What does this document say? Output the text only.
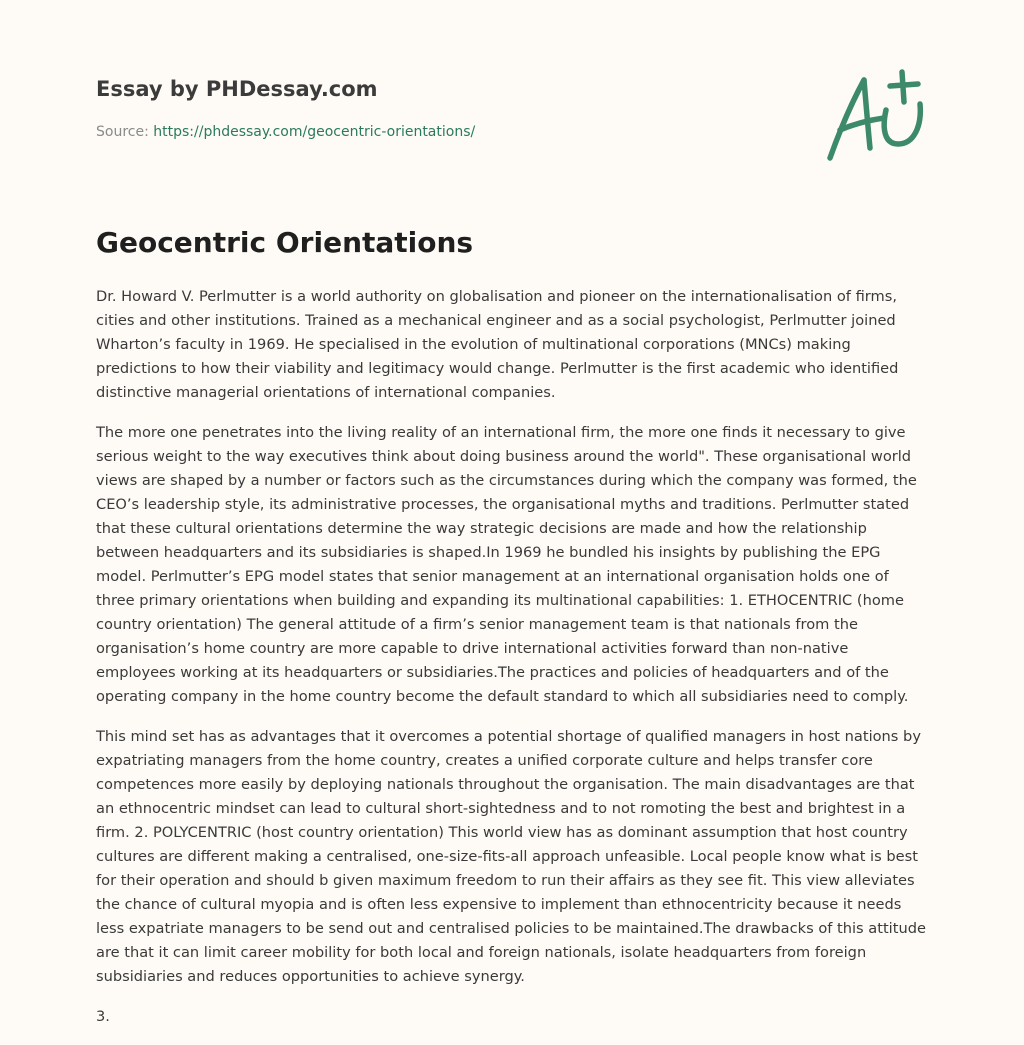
Essay by PHDessay.com
Source: https://phdessay.com/geocentric-orientations/
Geocentric Orientations

Dr. Howard V. Perlmutter is a world authority on globalisation and pioneer on the internationalisation of firms, cities and other institutions. Trained as a mechanical engineer and as a social psychologist, Perlmutter joined Wharton’s faculty in 1969. He specialised in the evolution of multinational corporations (MNCs) making predictions to how their viability and legitimacy would change. Perlmutter is the first academic who identified distinctive managerial orientations of international companies.

The more one penetrates into the living reality of an international firm, the more one finds it necessary to give serious weight to the way executives think about doing business around the world". These organisational world views are shaped by a number or factors such as the circumstances during which the company was formed, the CEO’s leadership style, its administrative processes, the organisational myths and traditions. Perlmutter stated that these cultural orientations determine the way strategic decisions are made and how the relationship between headquarters and its subsidiaries is shaped.In 1969 he bundled his insights by publishing the EPG model. Perlmutter’s EPG model states that senior management at an international organisation holds one of three primary orientations when building and expanding its multinational capabilities: 1. ETHOCENTRIC (home country orientation) The general attitude of a firm’s senior management team is that nationals from the organisation’s home country are more capable to drive international activities forward than non-native employees working at its headquarters or subsidiaries.The practices and policies of headquarters and of the operating company in the home country become the default standard to which all subsidiaries need to comply.

This mind set has as advantages that it overcomes a potential shortage of qualified managers in host nations by expatriating managers from the home country, creates a unified corporate culture and helps transfer core competences more easily by deploying nationals throughout the organisation. The main disadvantages are that an ethnocentric mindset can lead to cultural short-sightedness and to not romoting the best and brightest in a firm. 2. POLYCENTRIC (host country orientation) This world view has as dominant assumption that host country cultures are different making a centralised, one-size-fits-all approach unfeasible. Local people know what is best for their operation and should b given maximum freedom to run their affairs as they see fit. This view alleviates the chance of cultural myopia and is often less expensive to implement than ethnocentricity because it needs less expatriate managers to be send out and centralised policies to be maintained.The drawbacks of this attitude are that it can limit career mobility for both local and foreign nationals, isolate headquarters from foreign subsidiaries and reduces opportunities to achieve synergy.

3.
